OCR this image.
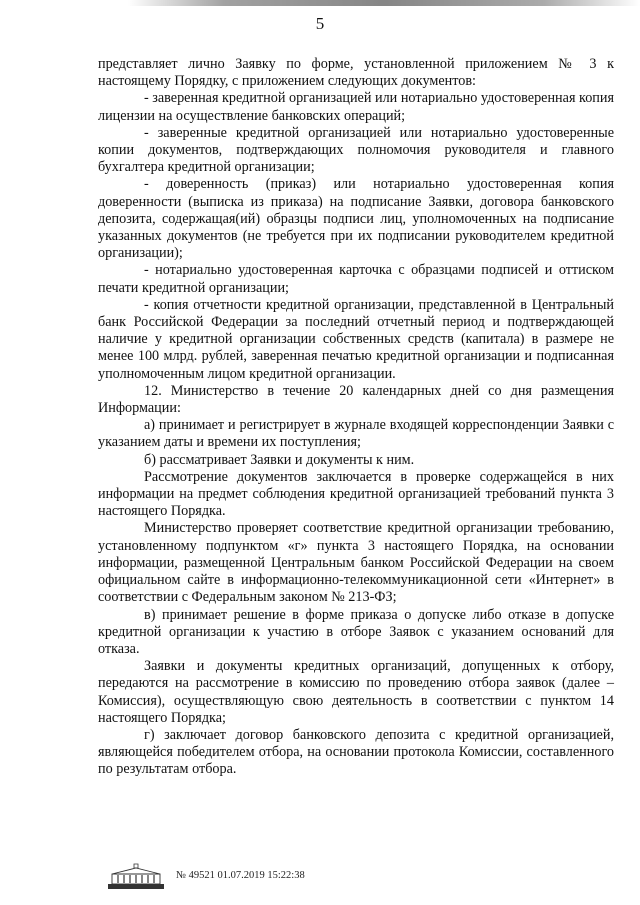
5

представляет лично Заявку по форме, установленной приложением № 3 к настоящему Порядку, с приложением следующих документов:

- заверенная кредитной организацией или нотариально удостоверенная копия лицензии на осуществление банковских операций;

- заверенные кредитной организацией или нотариально удостоверенные копии документов, подтверждающих полномочия руководителя и главного бухгалтера кредитной организации;

- доверенность (приказ) или нотариально удостоверенная копия доверенности (выписка из приказа) на подписание Заявки, договора банковского депозита, содержащая(ий) образцы подписи лиц, уполномоченных на подписание указанных документов (не требуется при их подписании руководителем кредитной организации);

- нотариально удостоверенная карточка с образцами подписей и оттиском печати кредитной организации;

- копия отчетности кредитной организации, представленной в Центральный банк Российской Федерации за последний отчетный период и подтверждающей наличие у кредитной организации собственных средств (капитала) в размере не менее 100 млрд. рублей, заверенная печатью кредитной организации и подписанная уполномоченным лицом кредитной организации.

12. Министерство в течение 20 календарных дней со дня размещения Информации:

а) принимает и регистрирует в журнале входящей корреспонденции Заявки с указанием даты и времени их поступления;

б) рассматривает Заявки и документы к ним.

Рассмотрение документов заключается в проверке содержащейся в них информации на предмет соблюдения кредитной организацией требований пункта 3 настоящего Порядка.

Министерство проверяет соответствие кредитной организации требованию, установленному подпунктом «г» пункта 3 настоящего Порядка, на основании информации, размещенной Центральным банком Российской Федерации на своем официальном сайте в информационно-телекоммуникационной сети «Интернет» в соответствии с Федеральным законом № 213-ФЗ;

в) принимает решение в форме приказа о допуске либо отказе в допуске кредитной организации к участию в отборе Заявок с указанием оснований для отказа.

Заявки и документы кредитных организаций, допущенных к отбору, передаются на рассмотрение в комиссию по проведению отбора заявок (далее – Комиссия), осуществляющую свою деятельность в соответствии с пунктом 14 настоящего Порядка;

г) заключает договор банковского депозита с кредитной организацией, являющейся победителем отбора, на основании протокола Комиссии, составленного по результатам отбора.

№ 49521 01.07.2019 15:22:38
